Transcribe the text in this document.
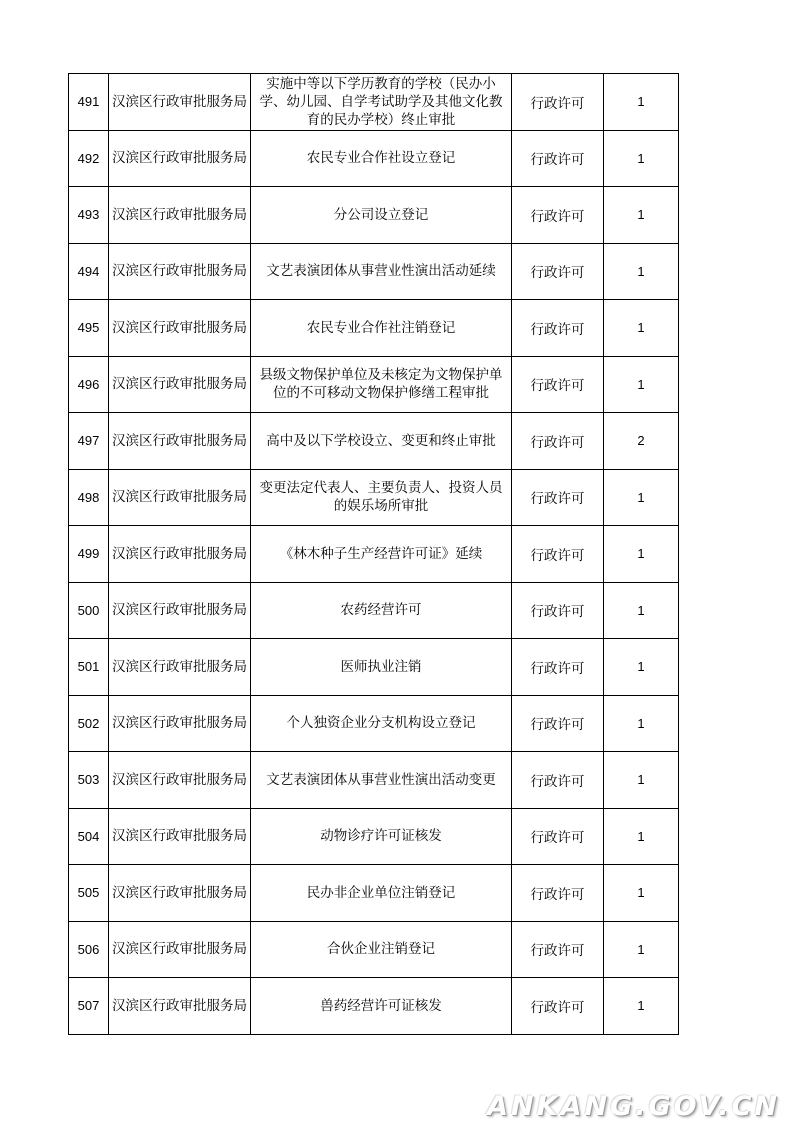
491	汉滨区行政审批服务局	实施中等以下学历教育的学校（民办小学、幼儿园、自学考试助学及其他文化教育的民办学校）终止审批	行政许可	1
492	汉滨区行政审批服务局	农民专业合作社设立登记	行政许可	1
493	汉滨区行政审批服务局	分公司设立登记	行政许可	1
494	汉滨区行政审批服务局	文艺表演团体从事营业性演出活动延续	行政许可	1
495	汉滨区行政审批服务局	农民专业合作社注销登记	行政许可	1
496	汉滨区行政审批服务局	县级文物保护单位及未核定为文物保护单位的不可移动文物保护修缮工程审批	行政许可	1
497	汉滨区行政审批服务局	高中及以下学校设立、变更和终止审批	行政许可	2
498	汉滨区行政审批服务局	变更法定代表人、主要负责人、投资人员的娱乐场所审批	行政许可	1
499	汉滨区行政审批服务局	《林木种子生产经营许可证》延续	行政许可	1
500	汉滨区行政审批服务局	农药经营许可	行政许可	1
501	汉滨区行政审批服务局	医师执业注销	行政许可	1
502	汉滨区行政审批服务局	个人独资企业分支机构设立登记	行政许可	1
503	汉滨区行政审批服务局	文艺表演团体从事营业性演出活动变更	行政许可	1
504	汉滨区行政审批服务局	动物诊疗许可证核发	行政许可	1
505	汉滨区行政审批服务局	民办非企业单位注销登记	行政许可	1
506	汉滨区行政审批服务局	合伙企业注销登记	行政许可	1
507	汉滨区行政审批服务局	兽药经营许可证核发	行政许可	1
ANKANG.GOV.CN
